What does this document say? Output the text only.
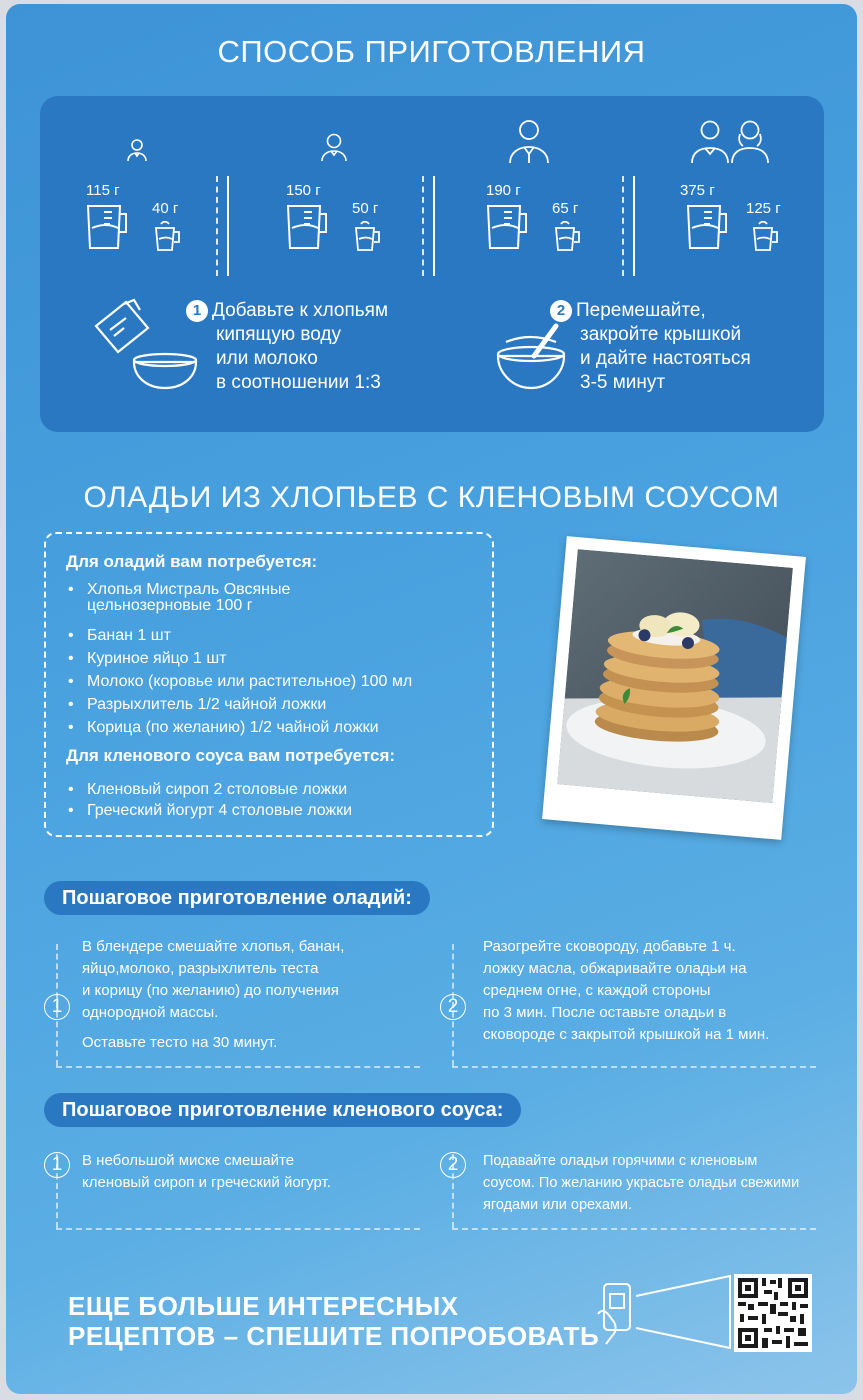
СПОСОБ ПРИГОТОВЛЕНИЯ
115 г
40 г
150 г
50 г
190 г
65 г
375 г
125 г
1 Добавьте к хлопьям
кипящую воду
или молоко
в соотношении 1:3
2 Перемешайте,
закройте крышкой
и дайте настояться
3-5 минут
ОЛАДЬИ ИЗ ХЛОПЬЕВ С КЛЕНОВЫМ СОУСОМ
Для оладий вам потребуется:
• Хлопья Мистраль Овсяные цельнозерновые 100 г
• Банан 1 шт
• Куриное яйцо 1 шт
• Молоко (коровье или растительное) 100 мл
• Разрыхлитель 1/2 чайной ложки
• Корица (по желанию) 1/2 чайной ложки
Для кленового соуса вам потребуется:
• Кленовый сироп 2 столовые ложки
• Греческий йогурт 4 столовые ложки
Пошаговое приготовление оладий:
1
В блендере смешайте хлопья, банан,
яйцо,молоко, разрыхлитель теста
и корицу (по желанию) до получения
однородной массы.
Оставьте тесто на 30 минут.
2
Разогрейте сковороду, добавьте 1 ч.
ложку масла, обжаривайте оладьи на
среднем огне, с каждой стороны
по 3 мин. После оставьте оладьи в
сковороде с закрытой крышкой на 1 мин.
Пошаговое приготовление кленового соуса:
1	В небольшой миске смешайте
кленовый сироп и греческий йогурт.
2	Подавайте оладьи горячими с кленовым
соусом. По желанию украсьте оладьи свежими
ягодами или орехами.
ЕЩЕ БОЛЬШЕ ИНТЕРЕСНЫХ
РЕЦЕПТОВ – СПЕШИТЕ ПОПРОБОВАТЬ
